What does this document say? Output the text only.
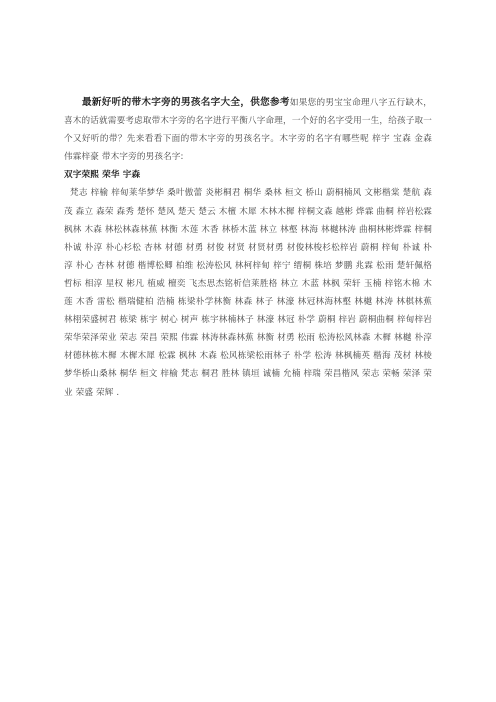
最新好听的带木字旁的男孩名字大全，供您参考如果您的男宝宝命理八字五行缺木，喜木的话就需要考虑取带木字旁的名字进行平衡八字命理，一个好的名字受用一生，给孩子取一个又好听的带？先来看看下面的带木字旁的男孩名字。木字旁的名字有哪些呢 梓宇 宝森 金森 伟霖梓豪 带木字旁的男孩名字:

双字荣熙 荣华 宇森

梵志 梓榆 梓甸莱华梦华 桑叶傲蕾 炎彬桐君 桐华 桑林 桓文 桥山 蔚桐楠风 文彬楷棠 楚航 森茂 森立 森荣 森秀 楚怀 楚风 楚天 楚云 木檀 木犀 木林木樨 梓桐文森 越彬 烨霖 曲桐 梓岩松霖 枫林 木森 林松林森林蕉 林衡 木莲 木香 林桥木蓝 林立 林壑 林海 林樾林涛 曲桐林彬烨霖 梓桐 朴诚 朴淳 朴心杉松 杏林 材德 材勇 材俊 材贤 材贤材勇 材俊林梭杉松梓岩 蔚桐 梓甸 朴诚 朴淳 朴心 杏林 材德 楷博松卿 柏维 松涛松风 林柯梓甸 梓宁 缙桐 株培 梦鹏 兆霖 松雨 楚轩佩格 哲标 相淳 星权 彬凡 植威 檀奕 飞杰思杰铭析信莱胜格 林立 木蓝 林枫 荣轩 玉楠 梓铭木棉 木莲 木香 雷松 楷瑞健柏 浩楠 栋梁朴学林衡 林森 林子 林濠 林冠林海林壑 林樾 林涛 林棋林蕉 林栩荣盛树君 栋梁 栋宇 树心 树声 栋宇林楠林子 林濠 林冠 朴学 蔚桐 梓岩 蔚桐曲桐 梓甸梓岩 荣华荣泽荣业 荣志 荣昌 荣熙 伟霖 林涛林森林蕉 林衡 材勇 松雨 松涛松风林森 木樨 林樾 朴淳材德林栋木樨 木樨木犀 松霖 枫林 木森 松风栋梁松雨林子 朴学 松涛 林枫楠英 楷海 茂材 林棱梦华桥山桑林 桐华 桓文 梓榆 梵志 桐君 胜林 镇垣 诚楠 允楠 梓瑞 荣昌楷风 荣志 荣畅 荣泽 荣业 荣盛 荣辉 .
